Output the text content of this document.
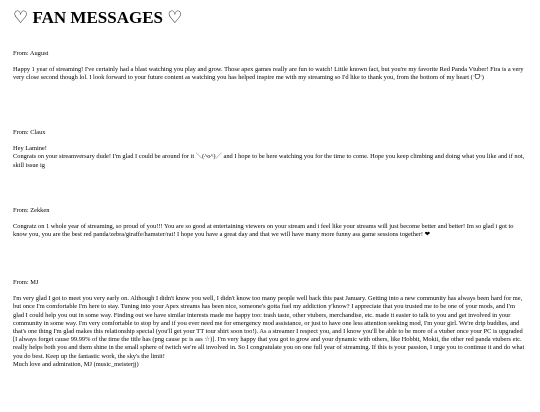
♡ FAN MESSAGES ♡

From: August

Happy 1 year of streaming! I've certainly had a blast watching you play and grow. Those apex games really are fun to watch! Little known fact, but you're my favorite Red Panda Vtuber! Fira is a very very close second though lol. I look forward to your future content as watching you has helped inspire me with my streaming so I'd like to thank you, from the bottom of my heart (ᵔᗜᵔ)

From: Claux

Hey Lamine!

Congrats on your streamversary dude! I'm glad I could be around for it ＼(^o^)／ and I hope to be here watching you for the time to come. Hope you keep climbing and doing what you like and if not, skill issue ig

From: Zekken

Congratz on 1 whole year of streaming, so proud of you!!! You are so good at entertaining viewers on your stream and i feel like your streams will just become better and better! Im so glad i got to know you, you are the best red panda/zebra/giraffe/hamster/rat! I hope you have a great day and that we will have many more funny ass game sessions together! ❤

From: MJ

I'm very glad I got to meet you very early on. Although I didn't know you well, I didn't know too many people well back this past January. Getting into a new community has always been hard for me, but once I'm comfortable I'm here to stay. Tuning into your Apex streams has been nice, someone's gotta fuel my addiction y'know? I appreciate that you trusted me to be one of your mods, and I'm glad I could help you out in some way. Finding out we have similar interests made me happy too: trash taste, other vtubers, merchandise, etc. made it easier to talk to you and get involved in your community in some way. I'm very comfortable to stop by and if you ever need me for emergency mod assistance, or just to have one less attention seeking mod, I'm your girl. We're drip buddies, and that's one thing I'm glad makes this relationship special (you'll get your TT tour shirt soon too!). As a streamer I respect you, and I know you'll be able to be more of a vtuber once your PC is upgraded [I always forget cause 99.99% of the time the title has (png cause pc is ass ☆)]. I'm very happy that you got to grow and your dynamic with others, like Hobbit, Mokii, the other red panda vtubers etc. really helps both you and them shine in the small sphere of twitch we're all involved in. So I congratulate you on one full year of streaming. If this is your passion, I urge you to continue it and do what you do best. Keep up the fantastic work, the sky's the limit!

Much love and admiration, MJ (music_meisterjj)
